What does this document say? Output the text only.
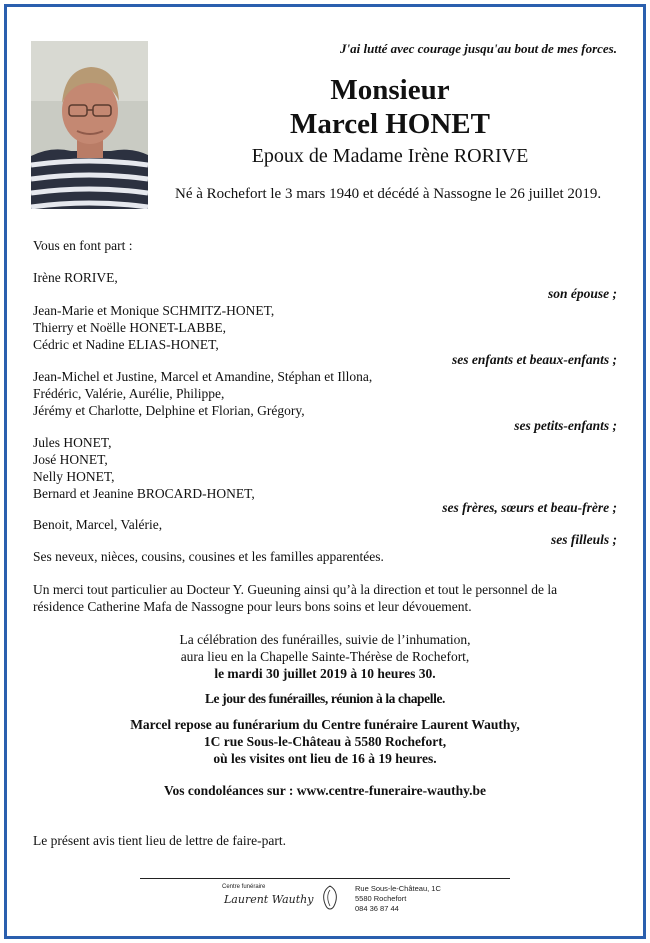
J'ai lutté avec courage jusqu'au bout de mes forces.
Monsieur
Marcel HONET
Epoux de Madame Irène RORIVE
Né à Rochefort le 3 mars 1940 et décédé à Nassogne le 26 juillet 2019.
Vous en font part :
Irène RORIVE,
son épouse ;
Jean-Marie et Monique SCHMITZ-HONET,
Thierry et Noëlle HONET-LABBE,
Cédric et Nadine ELIAS-HONET,
ses enfants et beaux-enfants ;
Jean-Michel et Justine, Marcel et Amandine, Stéphan et Illona,
Frédéric, Valérie, Aurélie, Philippe,
Jérémy et Charlotte, Delphine et Florian, Grégory,
ses petits-enfants ;
Jules HONET,
José HONET,
Nelly HONET,
Bernard et Jeanine BROCARD-HONET,
ses frères, sœurs et beau-frère ;
Benoit, Marcel, Valérie,
ses filleuls ;
Ses neveux, nièces, cousins, cousines et les familles apparentées.
Un merci tout particulier au Docteur Y. Gueuning ainsi qu’à la direction et tout le personnel de la
résidence Catherine Mafa de Nassogne pour leurs bons soins et leur dévouement.
La célébration des funérailles, suivie de l’inhumation,
aura lieu en la Chapelle Sainte-Thérèse de Rochefort,
le mardi 30 juillet 2019 à 10 heures 30.
Le jour des funérailles, réunion à la chapelle.
Marcel repose au funérarium du Centre funéraire Laurent Wauthy,
1C rue Sous-le-Château à 5580 Rochefort,
où les visites ont lieu de 16 à 19 heures.
Vos condoléances sur : www.centre-funeraire-wauthy.be
Le présent avis tient lieu de lettre de faire-part.
Centre funéraire
Laurent Wauthy
Rue Sous-le-Château, 1C
5580 Rochefort
084 36 87 44
